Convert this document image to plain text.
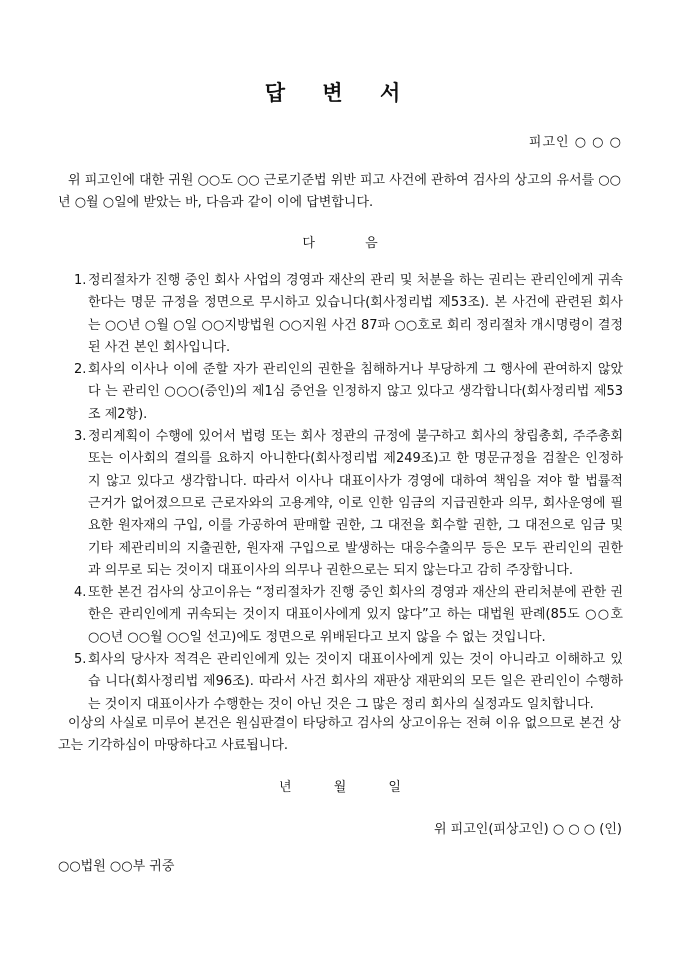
답 변 서
피고인 ○ ○ ○

위 피고인에 대한 귀원 ○○도 ○○ 근로기준법 위반 피고 사건에 관하여 검사의 상고의 유서를 ○○년 ○월 ○일에 받았는 바, 다음과 같이 이에 답변합니다.

다 음
1. 정리절차가 진행 중인 회사 사업의 경영과 재산의 관리 및 처분을 하는 권리는 관리인에게 귀속한다는 명문 규정을 정면으로 무시하고 있습니다(회사정리법 제53조). 본 사건에 관련된 회사는 ○○년 ○월 ○일 ○○지방법원 ○○지원 사건 87파 ○○호로 회리 정리절차 개시명령이 결정된 사건 본인 회사입니다.
2. 회사의 이사나 이에 준할 자가 관리인의 권한을 침해하거나 부당하게 그 행사에 관여하지 않았다 는 관리인 ○○○(증인)의 제1심 증언을 인정하지 않고 있다고 생각합니다(회사정리법 제53조 제2항).
3. 정리계획이 수행에 있어서 법령 또는 회사 정관의 규정에 불구하고 회사의 창립총회, 주주총회 또는 이사회의 결의를 요하지 아니한다(회사정리법 제249조)고 한 명문규정을 검찰은 인정하지 않고 있다고 생각합니다. 따라서 이사나 대표이사가 경영에 대하여 책임을 져야 할 법률적 근거가 없어졌으므로 근로자와의 고용계약, 이로 인한 임금의 지급권한과 의무, 회사운영에 필요한 원자재의 구입, 이를 가공하여 판매할 권한, 그 대전을 회수할 권한, 그 대전으로 임금 및 기타 제관리비의 지출권한, 원자재 구입으로 발생하는 대응수출의무 등은 모두 관리인의 권한과 의무로 되는 것이지 대표이사의 의무나 권한으로는 되지 않는다고 감히 주장합니다.
4. 또한 본건 검사의 상고이유는 “정리절차가 진행 중인 회사의 경영과 재산의 관리처분에 관한 권한은 관리인에게 귀속되는 것이지 대표이사에게 있지 않다”고 하는 대법원 판례(85도 ○○호 ○○년 ○○월 ○○일 선고)에도 정면으로 위배된다고 보지 않을 수 없는 것입니다.
5. 회사의 당사자 적격은 관리인에게 있는 것이지 대표이사에게 있는 것이 아니라고 이해하고 있습 니다(회사정리법 제96조). 따라서 사건 회사의 재판상 재판외의 모든 일은 관리인이 수행하는 것이지 대표이사가 수행한는 것이 아닌 것은 그 많은 정리 회사의 실정과도 일치합니다.

이상의 사실로 미루어 본건은 원심판결이 타당하고 검사의 상고이유는 전혀 이유 없으므로 본건 상고는 기각하심이 마땅하다고 사료됩니다.

년 월 일
위 피고인(피상고인) ○ ○ ○ (인)
○○법원 ○○부 귀중
